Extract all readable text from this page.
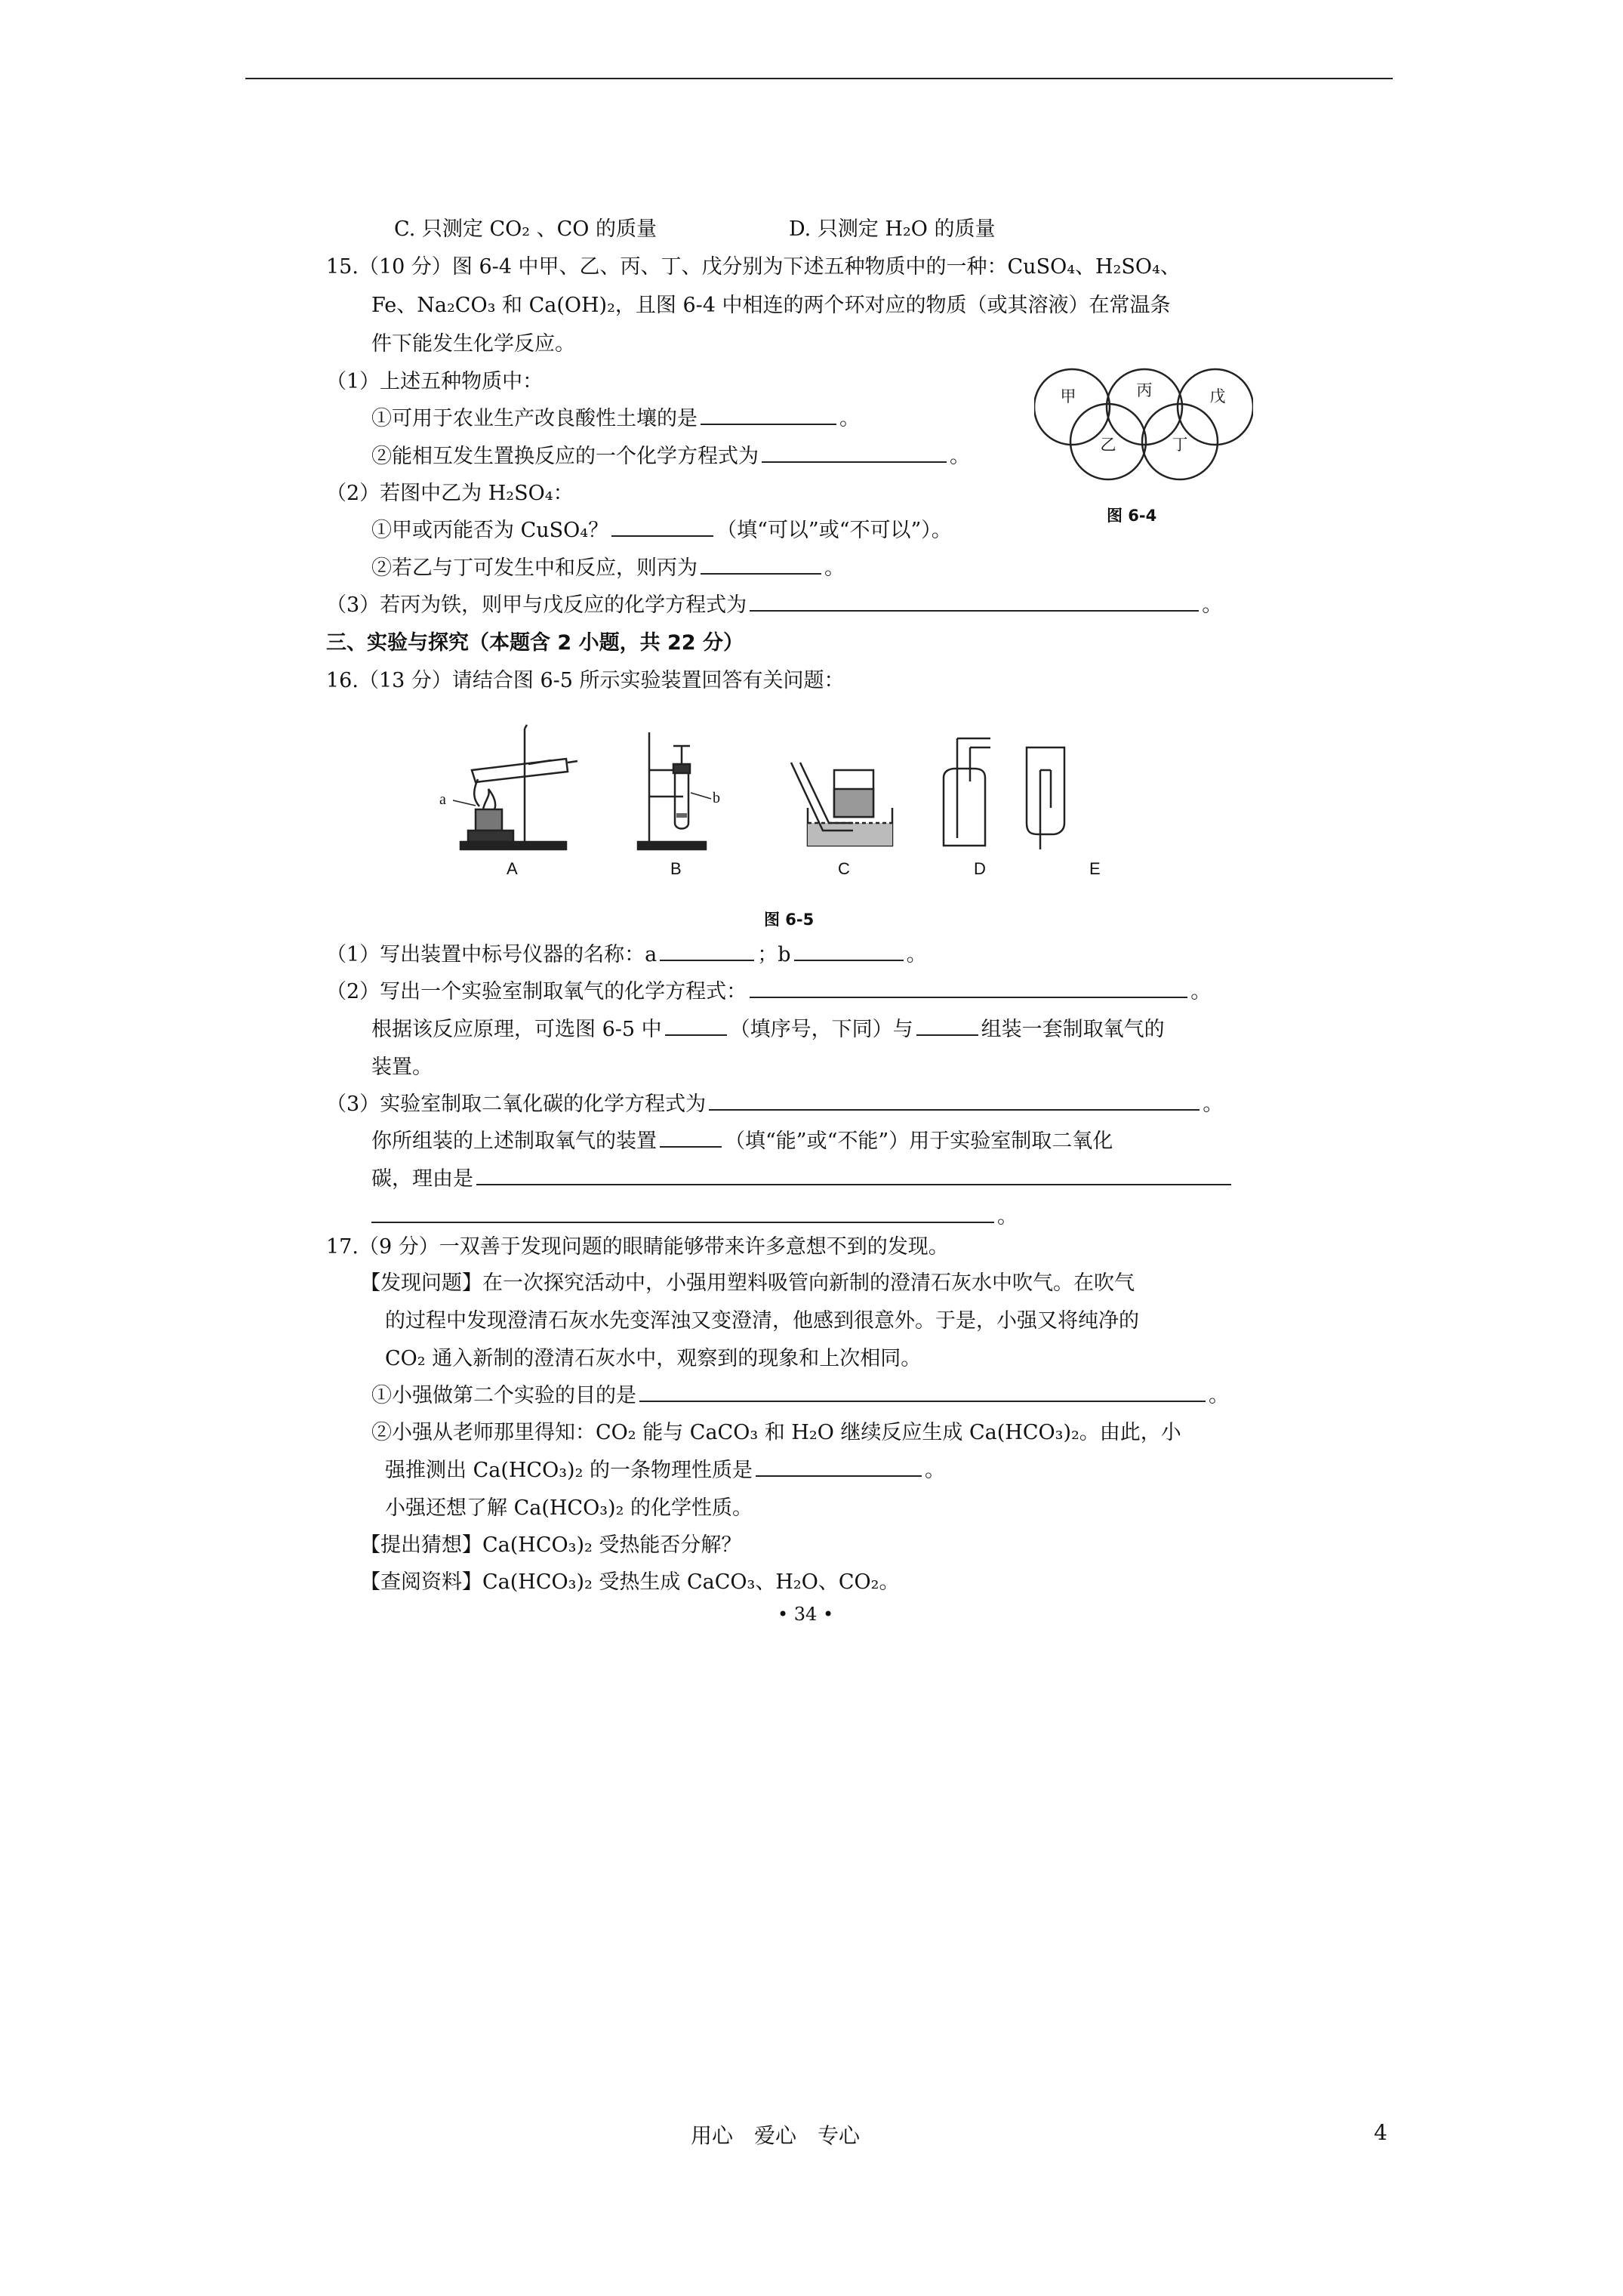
C. 只测定 CO₂ 、CO 的质量	D. 只测定 H₂O 的质量
15.（10 分）图 6-4 中甲、乙、丙、丁、戊分别为下述五种物质中的一种：CuSO₄、H₂SO₄、
Fe、Na₂CO₃ 和 Ca(OH)₂，且图 6-4 中相连的两个环对应的物质（或其溶液）在常温条
件下能发生化学反应。
（1）上述五种物质中：
①可用于农业生产改良酸性土壤的是	。
②能相互发生置换反应的一个化学方程式为	。
（2）若图中乙为 H₂SO₄：
①甲或丙能否为 CuSO₄？	（填“可以”或“不可以”）。
②若乙与丁可发生中和反应，则丙为	。
（3）若丙为铁，则甲与戊反应的化学方程式为	。
甲	丙	戊
乙	丁
图 6-4
三、实验与探究（本题含 2 小题，共 22 分）
16.（13 分）请结合图 6-5 所示实验装置回答有关问题：
a	b
A	B	C	D	E
图 6-5
（1）写出装置中标号仪器的名称：a	；b	。
（2）写出一个实验室制取氧气的化学方程式：	。
根据该反应原理，可选图 6-5 中	（填序号，下同）与	组装一套制取氧气的
装置。
（3）实验室制取二氧化碳的化学方程式为	。
你所组装的上述制取氧气的装置	（填“能”或“不能”）用于实验室制取二氧化
碳，理由是
。
17.（9 分）一双善于发现问题的眼睛能够带来许多意想不到的发现。
【发现问题】在一次探究活动中，小强用塑料吸管向新制的澄清石灰水中吹气。在吹气
的过程中发现澄清石灰水先变浑浊又变澄清，他感到很意外。于是，小强又将纯净的
CO₂ 通入新制的澄清石灰水中，观察到的现象和上次相同。
①小强做第二个实验的目的是	。
②小强从老师那里得知：CO₂ 能与 CaCO₃ 和 H₂O 继续反应生成 Ca(HCO₃)₂。由此，小
强推测出 Ca(HCO₃)₂ 的一条物理性质是	。
小强还想了解 Ca(HCO₃)₂ 的化学性质。
【提出猜想】Ca(HCO₃)₂ 受热能否分解？
【查阅资料】Ca(HCO₃)₂ 受热生成 CaCO₃、H₂O、CO₂。
• 34 •
用心　爱心　专心	4
